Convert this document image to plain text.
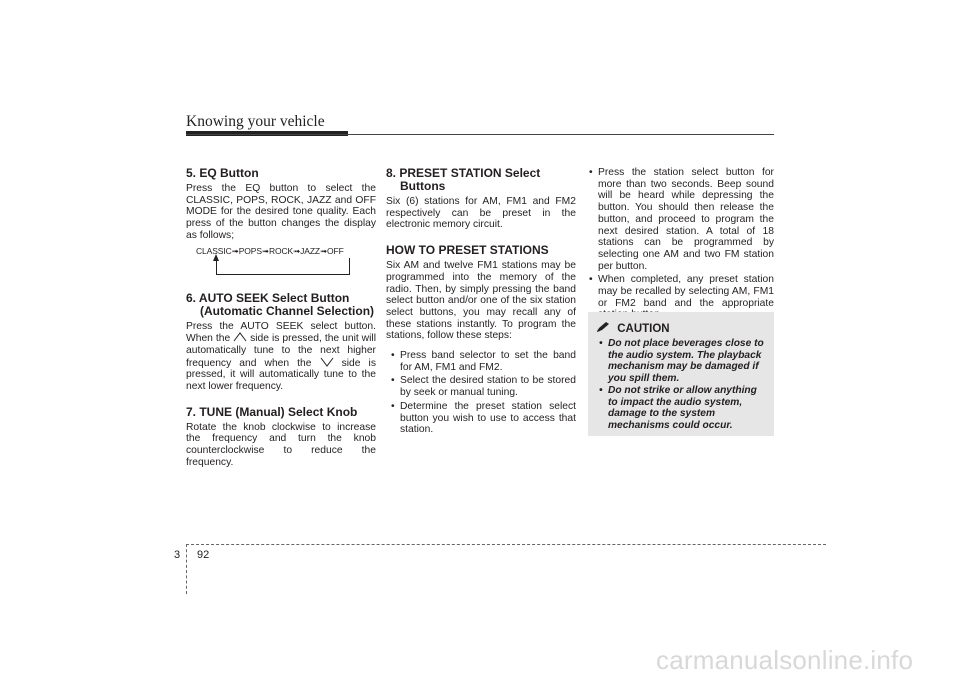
Knowing your vehicle
5. EQ Button

Press the EQ button to select the CLASSIC, POPS, ROCK, JAZZ and OFF MODE for the desired tone quality. Each press of the button changes the display as follows;

CLASSIC➟POPS➟ROCK➟JAZZ➟OFF
6. AUTO SEEK Select Button
(Automatic Channel Selection)

Press the AUTO SEEK select button. When the side is pressed, the unit will automatically tune to the next higher frequency and when the	side is pressed, it will automatically tune to the next lower frequency.

7. TUNE (Manual) Select Knob

Rotate the knob clockwise to increase the frequency and turn the knob counterclockwise to reduce the frequency.

8. PRESET STATION Select
Buttons

Six (6) stations for AM, FM1 and FM2 respectively can be preset in the electronic memory circuit.

HOW TO PRESET STATIONS

Six AM and twelve FM1 stations may be programmed into the memory of the radio. Then, by simply pressing the band select button and/or one of the six station select buttons, you may recall any of these stations instantly. To program the stations, follow these steps:

• Press band selector to set the band for AM, FM1 and FM2.
• Select the desired station to be stored by seek or manual tuning.
• Determine the preset station select button you wish to use to access that station.
• Press the station select button for more than two seconds. Beep sound will be heard while depressing the button. You should then release the button, and proceed to program the next desired station. A total of 18 stations can be programmed by selecting one AM and two FM station per button.
• When completed, any preset station may be recalled by selecting AM, FM1 or FM2 band and the appropriate
CAUTION
• Do not place beverages close to the audio system. The playback mechanism may be damaged if you spill them.
• Do not strike or allow anything to impact the audio system, damage to the system mechanisms could occur.
3 92
carmanualsonline.info
